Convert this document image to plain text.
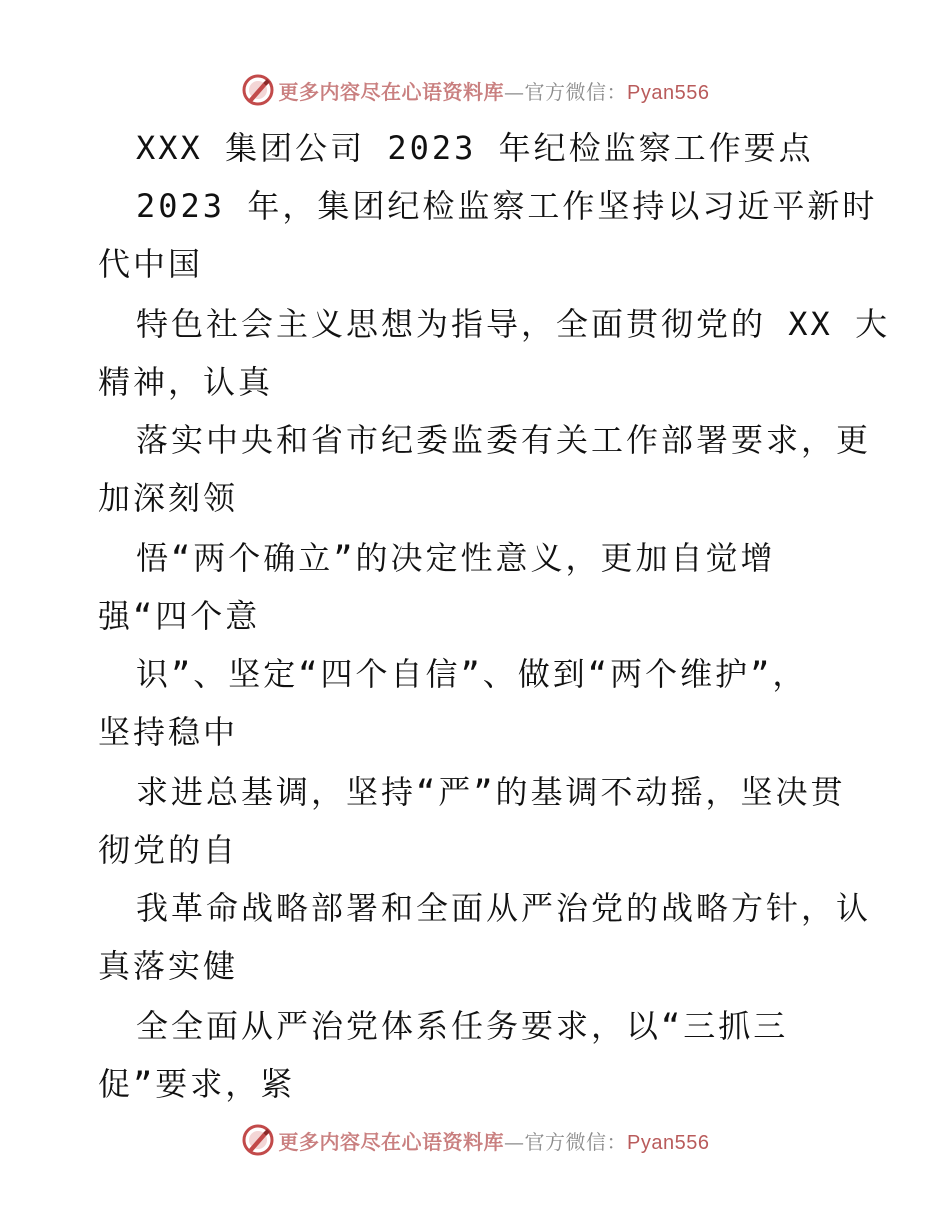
更多内容尽在心语资料库—官方微信：Pyan556
XXX 集团公司 2023 年纪检监察工作要点
2023 年，集团纪检监察工作坚持以习近平新时
代中国
特色社会主义思想为指导，全面贯彻党的 XX 大
精神，认真
落实中央和省市纪委监委有关工作部署要求，更
加深刻领
悟“两个确立”的决定性意义，更加自觉增
强“四个意
识”、坚定“四个自信”、做到“两个维护”，
坚持稳中
求进总基调，坚持“严”的基调不动摇，坚决贯
彻党的自
我革命战略部署和全面从严治党的战略方针，认
真落实健
全全面从严治党体系任务要求，以“三抓三
促”要求，紧
更多内容尽在心语资料库—官方微信：Pyan556
